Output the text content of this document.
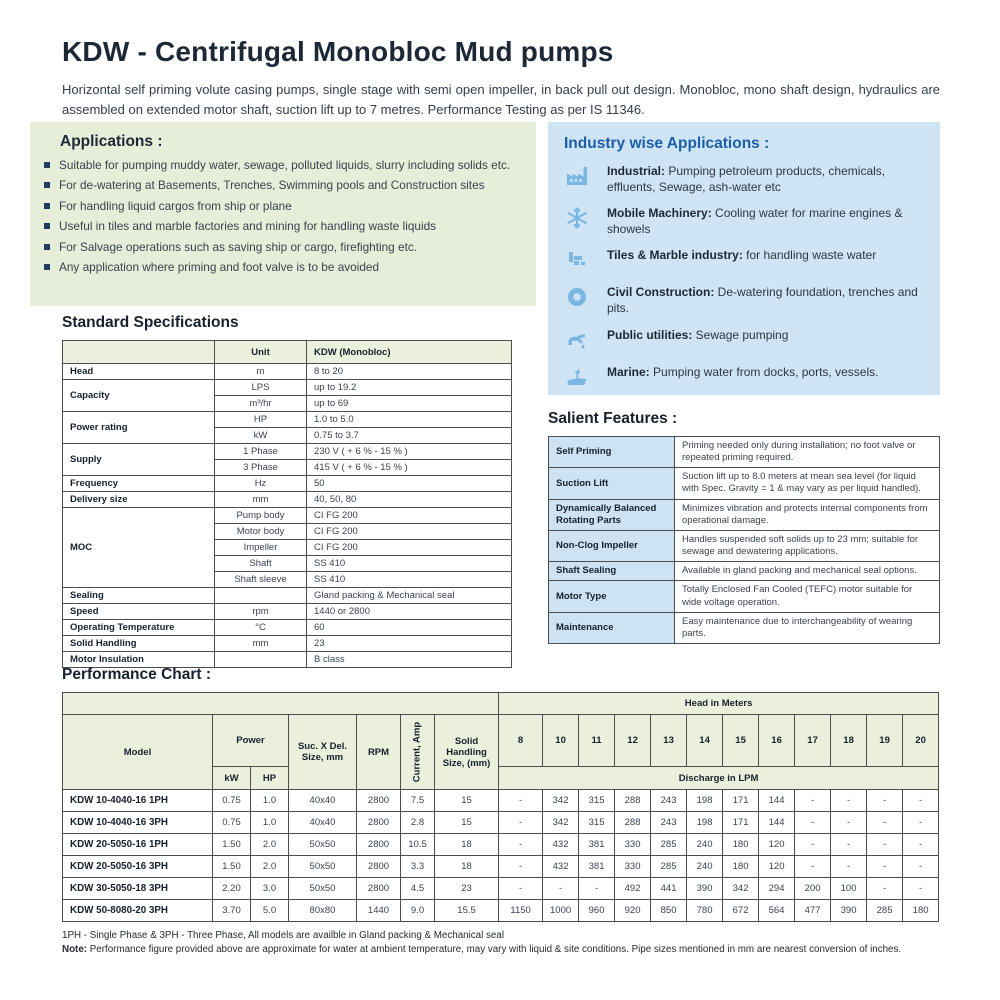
KDW - Centrifugal Monobloc Mud pumps

Horizontal self priming volute casing pumps, single stage with semi open impeller, in back pull out design. Monobloc, mono shaft design, hydraulics are assembled on extended motor shaft, suction lift up to 7 metres. Performance Testing as per IS 11346.

Applications :
Suitable for pumping muddy water, sewage, polluted liquids, slurry including solids etc.
For de-watering at Basements, Trenches, Swimming pools and Construction sites
For handling liquid cargos from ship or plane
Useful in tiles and marble factories and mining for handling waste liquids
For Salvage operations such as saving ship or cargo, firefighting etc.
Any application where priming and foot valve is to be avoided
Industry wise Applications :
Industrial: Pumping petroleum products, chemicals, effluents, Sewage, ash-water etc
Mobile Machinery: Cooling water for marine engines & showels
Tiles & Marble industry: for handling waste water
Civil Construction: De-watering foundation, trenches and pits.
Public utilities: Sewage pumping
Marine: Pumping water from docks, ports, vessels.
Standard Specifications
	Unit	KDW (Monobloc)
Head	m	8 to 20
Capacity	LPS	up to 19.2
	m³/hr	up to 69
Power rating	HP	1.0 to 5.0
	kW	0.75 to 3.7
Supply	1 Phase	230 V ( + 6 % - 15 % )
	3 Phase	415 V ( + 6 % - 15 % )
Frequency	Hz	50
Delivery size	mm	40, 50, 80
MOC	Pump body	CI FG 200
	Motor body	CI FG 200
	Impeller	CI FG 200
	Shaft	SS 410
	Shaft sleeve	SS 410
Sealing		Gland packing & Mechanical seal
Speed	rpm	1440 or 2800
Operating Temperature	°C	60
Solid Handling	mm	23
Motor Insulation		B class
Salient Features :
Self Priming	Priming needed only during installation; no foot valve or repeated priming required.
Suction Lift	Suction lift up to 8.0 meters at mean sea level (for liquid with Spec. Gravity = 1 & may vary as per liquid handled).
Dynamically Balanced Rotating Parts	Minimizes vibration and protects internal components from operational damage.
Non-Clog Impeller	Handles suspended soft solids up to 23 mm; suitable for sewage and dewatering applications.
Shaft Sealing	Available in gland packing and mechanical seal options.
Motor Type	Totally Enclosed Fan Cooled (TEFC) motor suitable for wide voltage operation.
Maintenance	Easy maintenance due to interchangeability of wearing parts.
Performance Chart :
							Head in Meters											
Model	Power		Suc. X Del. Size, mm	RPM	Current, Amp	Solid Handling Size, (mm)	8	10	11	12	13	14	15	16	17	18	19	20
	kW	HP					Discharge in LPM											
KDW 10-4040-16 1PH	0.75	1.0	40x40	2800	7.5	15	-	342	315	288	243	198	171	144	-	-	-	-
KDW 10-4040-16 3PH	0.75	1.0	40x40	2800	2.8	15	-	342	315	288	243	198	171	144	-	-	-	-
KDW 20-5050-16 1PH	1.50	2.0	50x50	2800	10.5	18	-	432	381	330	285	240	180	120	-	-	-	-
KDW 20-5050-16 3PH	1.50	2.0	50x50	2800	3.3	18	-	432	381	330	285	240	180	120	-	-	-	-
KDW 30-5050-18 3PH	2.20	3.0	50x50	2800	4.5	23	-	-	-	492	441	390	342	294	200	100	-	-
KDW 50-8080-20 3PH	3.70	5.0	80x80	1440	9.0	15.5	1150	1000	960	920	850	780	672	564	477	390	285	180
1PH - Single Phase & 3PH - Three Phase, All models are availble in Gland packing & Mechanical seal
Note: Performance figure provided above are approximate for water at ambient temperature, may vary with liquid & site conditions. Pipe sizes mentioned in mm are nearest conversion of inches.
